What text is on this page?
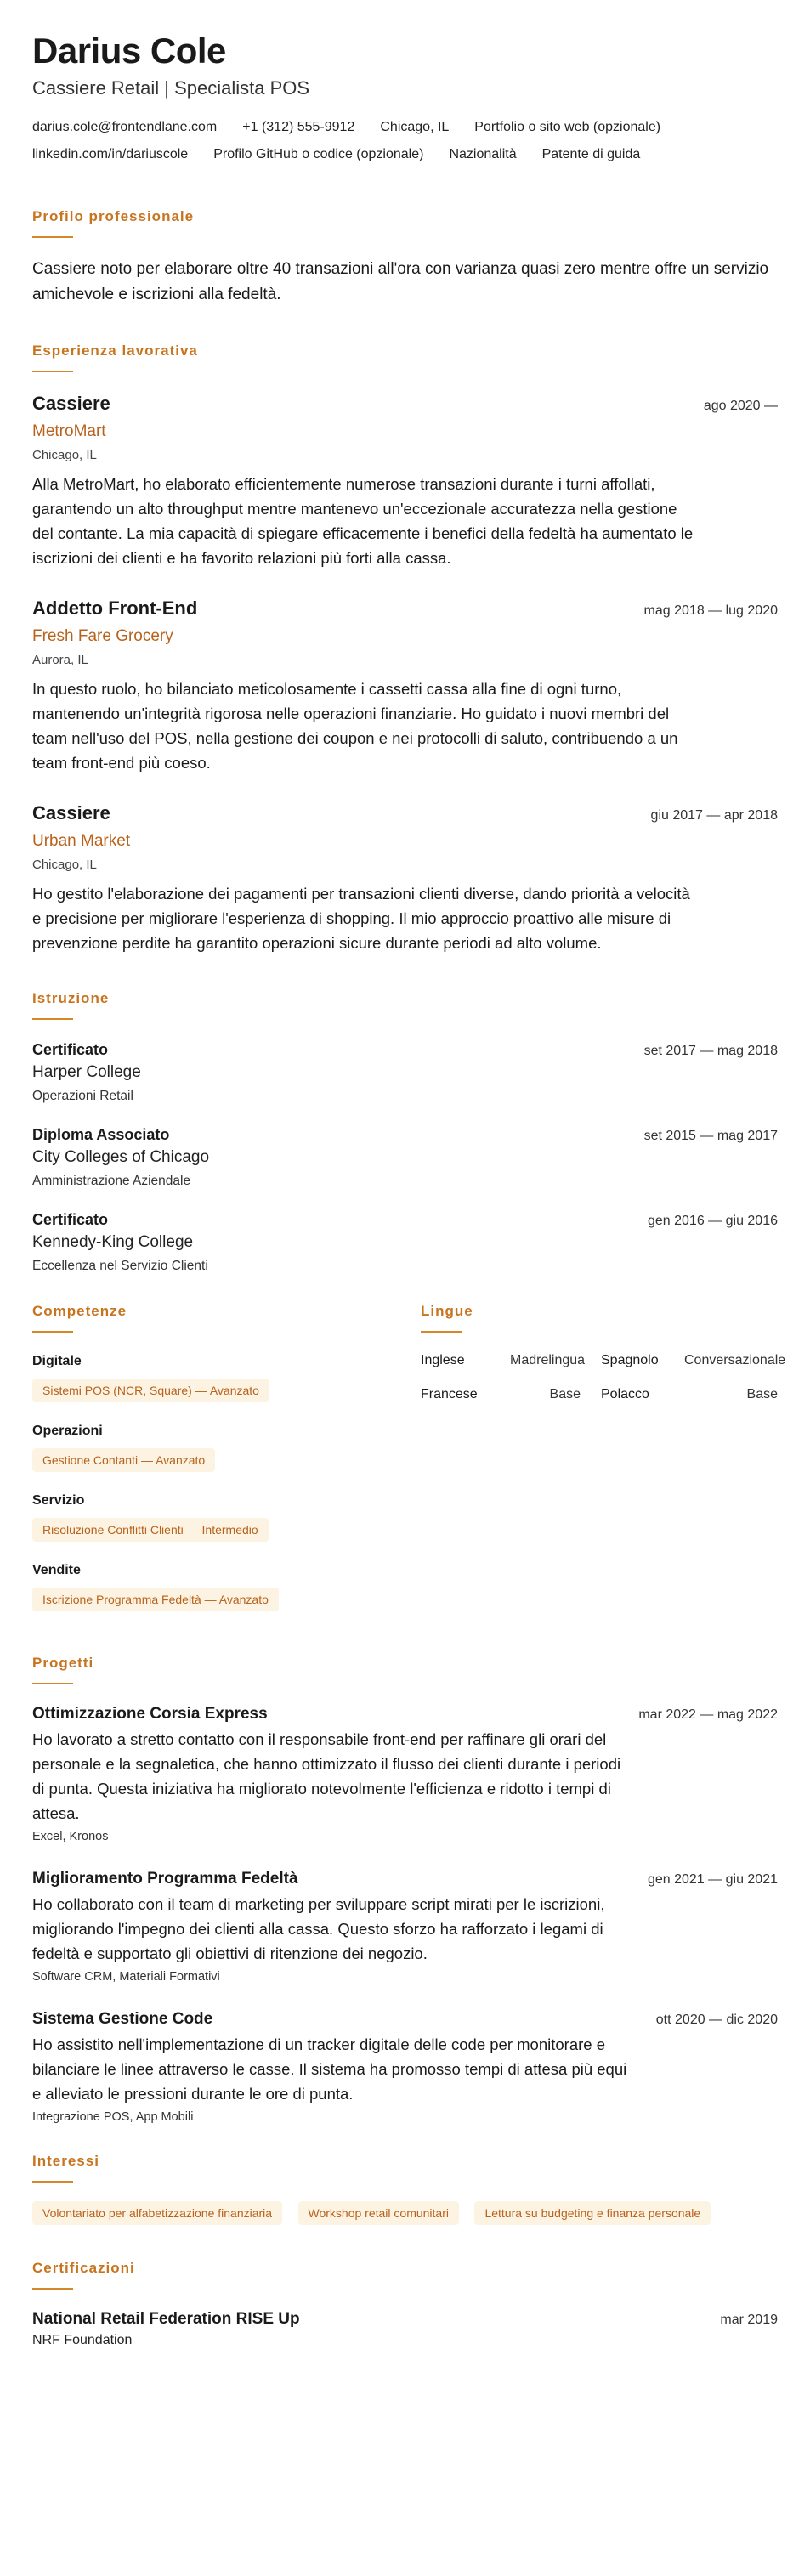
Darius Cole
Cassiere Retail | Specialista POS
darius.cole@frontendlane.com +1 (312) 555-9912 Chicago, IL Portfolio o sito web (opzionale)
linkedin.com/in/dariuscole Profilo GitHub o codice (opzionale) Nazionalità Patente di guida
Profilo professionale
Cassiere noto per elaborare oltre 40 transazioni all'ora con varianza quasi zero mentre offre un servizio amichevole e iscrizioni alla fedeltà.
Esperienza lavorativa
Cassiere	ago 2020 —
MetroMart
Chicago, IL
Alla MetroMart, ho elaborato efficientemente numerose transazioni durante i turni affollati, garantendo un alto throughput mentre mantenevo un'eccezionale accuratezza nella gestione del contante. La mia capacità di spiegare efficacemente i benefici della fedeltà ha aumentato le iscrizioni dei clienti e ha favorito relazioni più forti alla cassa.
Addetto Front-End	mag 2018 — lug 2020
Fresh Fare Grocery
Aurora, IL
In questo ruolo, ho bilanciato meticolosamente i cassetti cassa alla fine di ogni turno, mantenendo un'integrità rigorosa nelle operazioni finanziarie. Ho guidato i nuovi membri del team nell'uso del POS, nella gestione dei coupon e nei protocolli di saluto, contribuendo a un team front-end più coeso.
Cassiere	giu 2017 — apr 2018
Urban Market
Chicago, IL
Ho gestito l'elaborazione dei pagamenti per transazioni clienti diverse, dando priorità a velocità e precisione per migliorare l'esperienza di shopping. Il mio approccio proattivo alle misure di prevenzione perdite ha garantito operazioni sicure durante periodi ad alto volume.
Istruzione
Certificato	set 2017 — mag 2018
Harper College
Operazioni Retail
Diploma Associato	set 2015 — mag 2017
City Colleges of Chicago
Amministrazione Aziendale
Certificato	gen 2016 — giu 2016
Kennedy-King College
Eccellenza nel Servizio Clienti
Competenze
Digitale
Sistemi POS (NCR, Square) — Avanzato
Operazioni
Gestione Contanti — Avanzato
Servizio
Risoluzione Conflitti Clienti — Intermedio
Vendite
Iscrizione Programma Fedeltà — Avanzato
Lingue
Inglese	Madrelingua	Spagnolo	Conversazionale
Francese	Base	Polacco	Base
Progetti
Ottimizzazione Corsia Express	mar 2022 — mag 2022
Ho lavorato a stretto contatto con il responsabile front-end per raffinare gli orari del personale e la segnaletica, che hanno ottimizzato il flusso dei clienti durante i periodi di punta. Questa iniziativa ha migliorato notevolmente l'efficienza e ridotto i tempi di attesa.
Excel, Kronos
Miglioramento Programma Fedeltà	gen 2021 — giu 2021
Ho collaborato con il team di marketing per sviluppare script mirati per le iscrizioni, migliorando l'impegno dei clienti alla cassa. Questo sforzo ha rafforzato i legami di fedeltà e supportato gli obiettivi di ritenzione dei negozio.
Software CRM, Materiali Formativi
Sistema Gestione Code	ott 2020 — dic 2020
Ho assistito nell'implementazione di un tracker digitale delle code per monitorare e bilanciare le linee attraverso le casse. Il sistema ha promosso tempi di attesa più equi e alleviato le pressioni durante le ore di punta.
Integrazione POS, App Mobili
Interessi
Volontariato per alfabetizzazione finanziaria	Workshop retail comunitari	Lettura su budgeting e finanza personale
Certificazioni
National Retail Federation RISE Up	mar 2019
NRF Foundation
